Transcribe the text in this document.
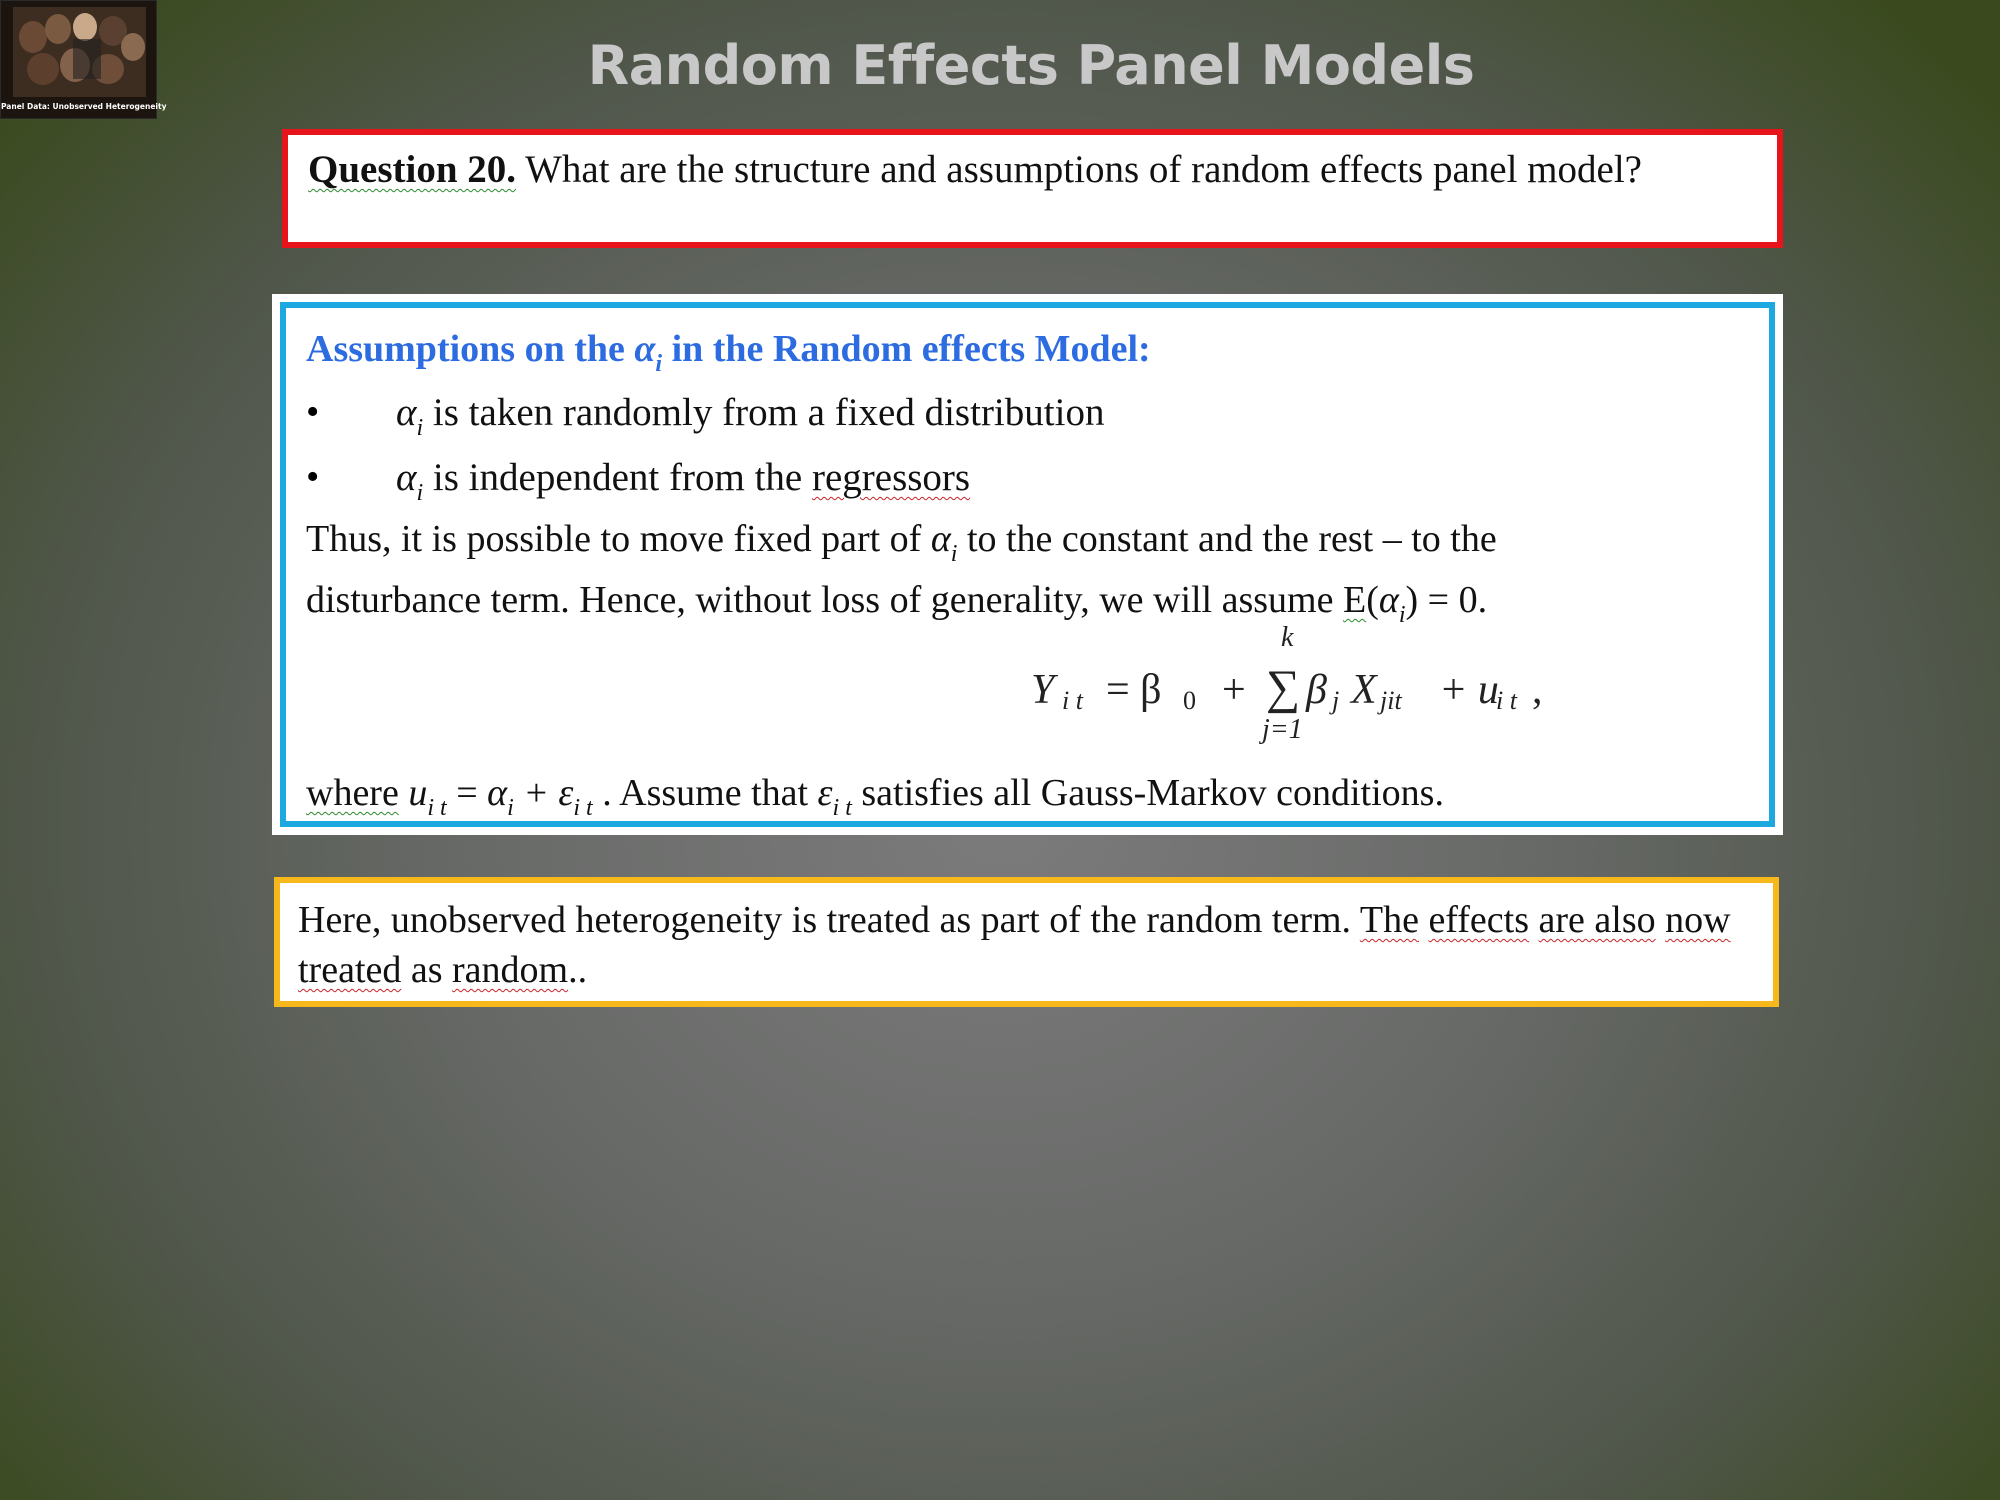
Panel Data: Unobserved Heterogeneity
Random Effects Panel Models
Question 20. What are the structure and assumptions of random effects panel model?
Assumptions on the $\alpha_i$ in the Random effects Model:
• $\alpha_i$ is taken randomly from a fixed distribution
• $\alpha_i$ is independent from the regressors
Thus, it is possible to move fixed part of $\alpha_i$ to the constant and the rest – to the
disturbance term. Hence, without loss of generality, we will assume $E(\alpha_i) = 0$.
Y i t = β 0 +
k
∑
j=1
β j X jit + u
i t ,
where $u_{i t} = \alpha_i + \varepsilon_{i t}$ . Assume that $\varepsilon_{i t}$ satisfies all Gauss-Markov conditions.
Here, unobserved heterogeneity is treated as part of the random term. The effects are also now treated as random..
